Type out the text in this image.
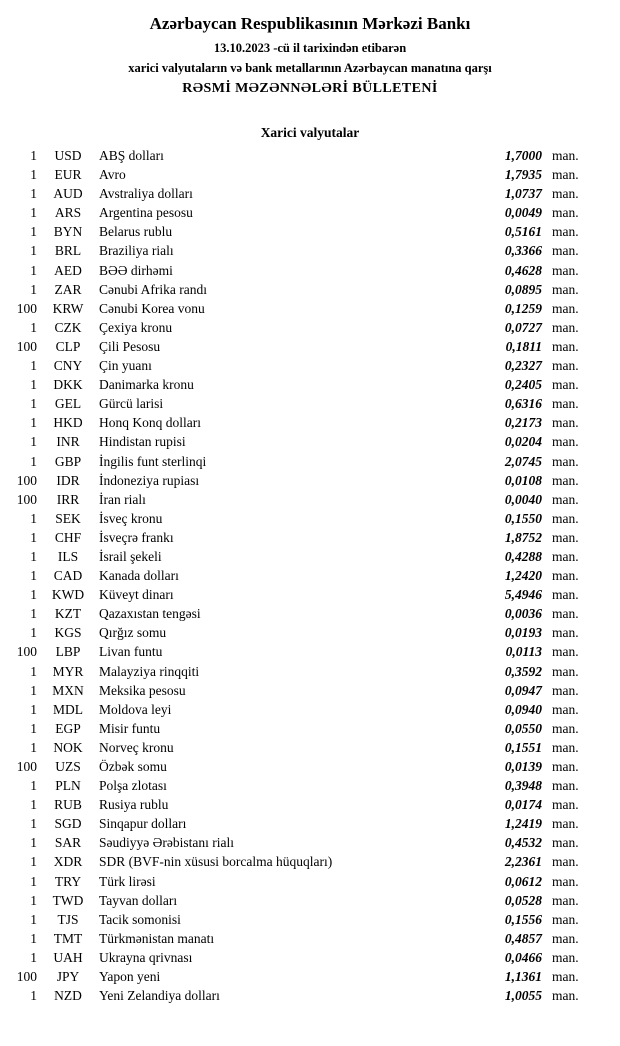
Azərbaycan Respublikasının Mərkəzi Bankı
13.10.2023 -cü il tarixindən etibarən
xarici valyutaların və bank metallarının Azərbaycan manatına qarşı
RƏSMİ MƏZƏNNƏLƏRİ BÜLLETENİ
Xarici valyutalar
1	USD	ABŞ dolları	1,7000 man.
1	EUR	Avro	1,7935 man.
1	AUD	Avstraliya dolları	1,0737 man.
1	ARS	Argentina pesosu	0,0049 man.
1	BYN	Belarus rublu	0,5161 man.
1	BRL	Braziliya rialı	0,3366 man.
1	AED	BƏƏ dirhəmi	0,4628 man.
1	ZAR	Cənubi Afrika randı	0,0895 man.
100	KRW	Cənubi Korea vonu	0,1259 man.
1	CZK	Çexiya kronu	0,0727 man.
100	CLP	Çili Pesosu	0,1811 man.
1	CNY	Çin yuanı	0,2327 man.
1	DKK	Danimarka kronu	0,2405 man.
1	GEL	Gürcü larisi	0,6316 man.
1	HKD	Honq Konq dolları	0,2173 man.
1	INR	Hindistan rupisi	0,0204 man.
1	GBP	İngilis funt sterlinqi	2,0745 man.
100	IDR	İndoneziya rupiası	0,0108 man.
100	IRR	İran rialı	0,0040 man.
1	SEK	İsveç kronu	0,1550 man.
1	CHF	İsveçrə frankı	1,8752 man.
1	ILS	İsrail şekeli	0,4288 man.
1	CAD	Kanada dolları	1,2420 man.
1	KWD	Küveyt dinarı	5,4946 man.
1	KZT	Qazaxıstan tengəsi	0,0036 man.
1	KGS	Qırğız somu	0,0193 man.
100	LBP	Livan funtu	0,0113 man.
1	MYR	Malayziya rinqqiti	0,3592 man.
1	MXN	Meksika pesosu	0,0947 man.
1	MDL	Moldova leyi	0,0940 man.
1	EGP	Misir funtu	0,0550 man.
1	NOK	Norveç kronu	0,1551 man.
100	UZS	Özbək somu	0,0139 man.
1	PLN	Polşa zlotası	0,3948 man.
1	RUB	Rusiya rublu	0,0174 man.
1	SGD	Sinqapur dolları	1,2419 man.
1	SAR	Səudiyyə Ərəbistanı rialı	0,4532 man.
1	XDR	SDR (BVF-nin xüsusi borcalma hüquqları)	2,2361 man.
1	TRY	Türk lirəsi	0,0612 man.
1	TWD	Tayvan dolları	0,0528 man.
1	TJS	Tacik somonisi	0,1556 man.
1	TMT	Türkmənistan manatı	0,4857 man.
1	UAH	Ukrayna qrivnası	0,0466 man.
100	JPY	Yapon yeni	1,1361 man.
1	NZD	Yeni Zelandiya dolları	1,0055 man.
